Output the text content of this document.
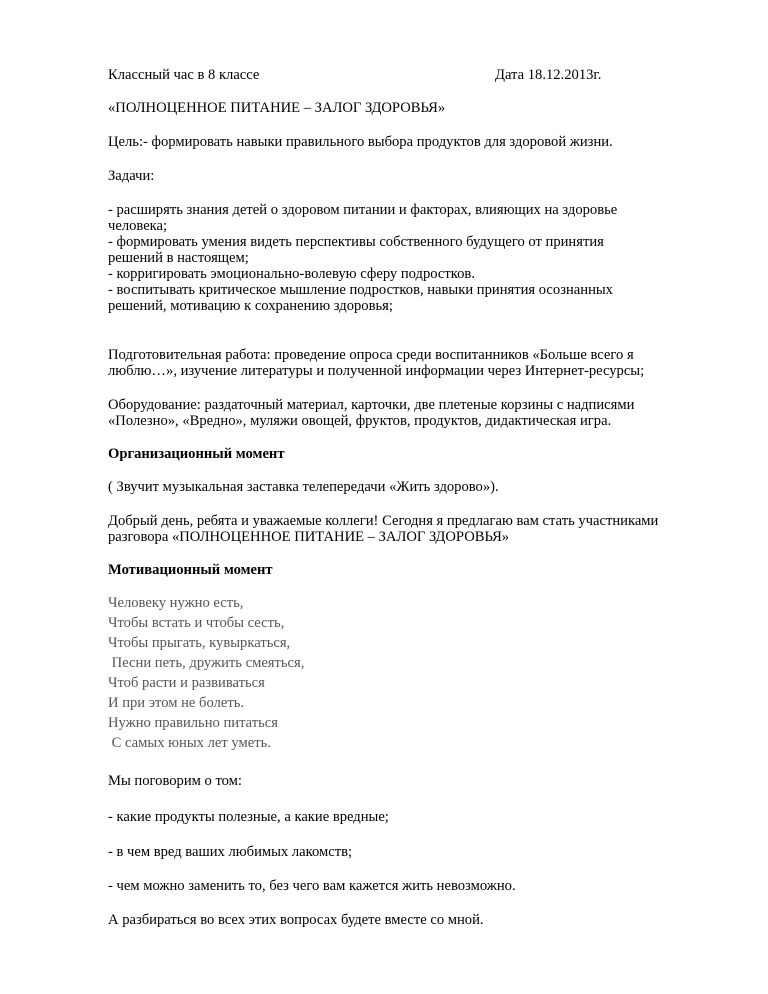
Классный час в 8 классе	Дата 18.12.2013г.
«ПОЛНОЦЕННОЕ ПИТАНИЕ – ЗАЛОГ ЗДОРОВЬЯ»
Цель:- формировать навыки правильного выбора продуктов для здоровой жизни.
Задачи:
- расширять знания детей о здоровом питании и факторах, влияющих на здоровье
человека;
- формировать умения видеть перспективы собственного будущего от принятия
решений в настоящем;
- корригировать эмоционально-волевую сферу подростков.
- воспитывать критическое мышление подростков, навыки принятия осознанных
решений, мотивацию к сохранению здоровья;
Подготовительная работа: проведение опроса среди воспитанников «Больше всего я
люблю…», изучение литературы и полученной информации через Интернет-ресурсы;
Оборудование: раздаточный материал, карточки, две плетеные корзины с надписями
«Полезно», «Вредно», муляжи овощей, фруктов, продуктов, дидактическая игра.
Организационный момент
( Звучит музыкальная заставка телепередачи «Жить здорово»).
Добрый день, ребята и уважаемые коллеги! Сегодня я предлагаю вам стать участниками
разговора «ПОЛНОЦЕННОЕ ПИТАНИЕ – ЗАЛОГ ЗДОРОВЬЯ»
Мотивационный момент
Человеку нужно есть,
Чтобы встать и чтобы сесть,
Чтобы прыгать, кувыркаться,
Песни петь, дружить смеяться,
Чтоб расти и развиваться
И при этом не болеть.
Нужно правильно питаться
С самых юных лет уметь.
Мы поговорим о том:
- какие продукты полезные, а какие вредные;
- в чем вред ваших любимых лакомств;
- чем можно заменить то, без чего вам кажется жить невозможно.
А разбираться во всех этих вопросах будете вместе со мной.
